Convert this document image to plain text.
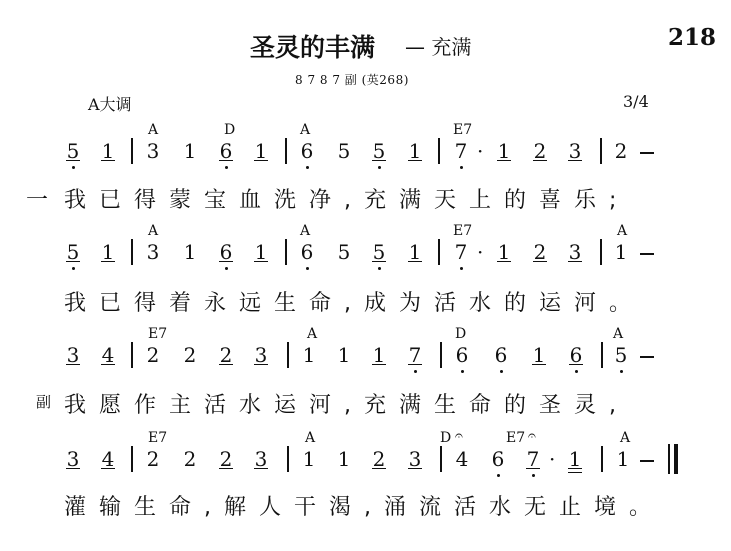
圣灵的丰满 — 充满	218
8 7 8 7 副 (英268)
A大调	3/4
A	D	A	E7
5 1 3 1 6 1 6 5 5 1 7 · 1 2 3 2
一 我已得蒙宝血洗净,充满天上的喜乐;
A	A	E7	A
5 1 3 1 6 1 6 5 5 1 7 · 1 2 3 1
我已得着永远生命,成为活水的运河。
E7	A	D	A
3 4 2 2 2 3 1 1 1 7 6 6 1 6 5
副 我愿作主活水运河,充满生命的圣灵,
E7	A	D 𝄐	E7 𝄐	A
3 4 2 2 2 3 1 1 2 3 4 6 7 · 1 1
灌输生命,解人干渴,涌流活水无止境。
